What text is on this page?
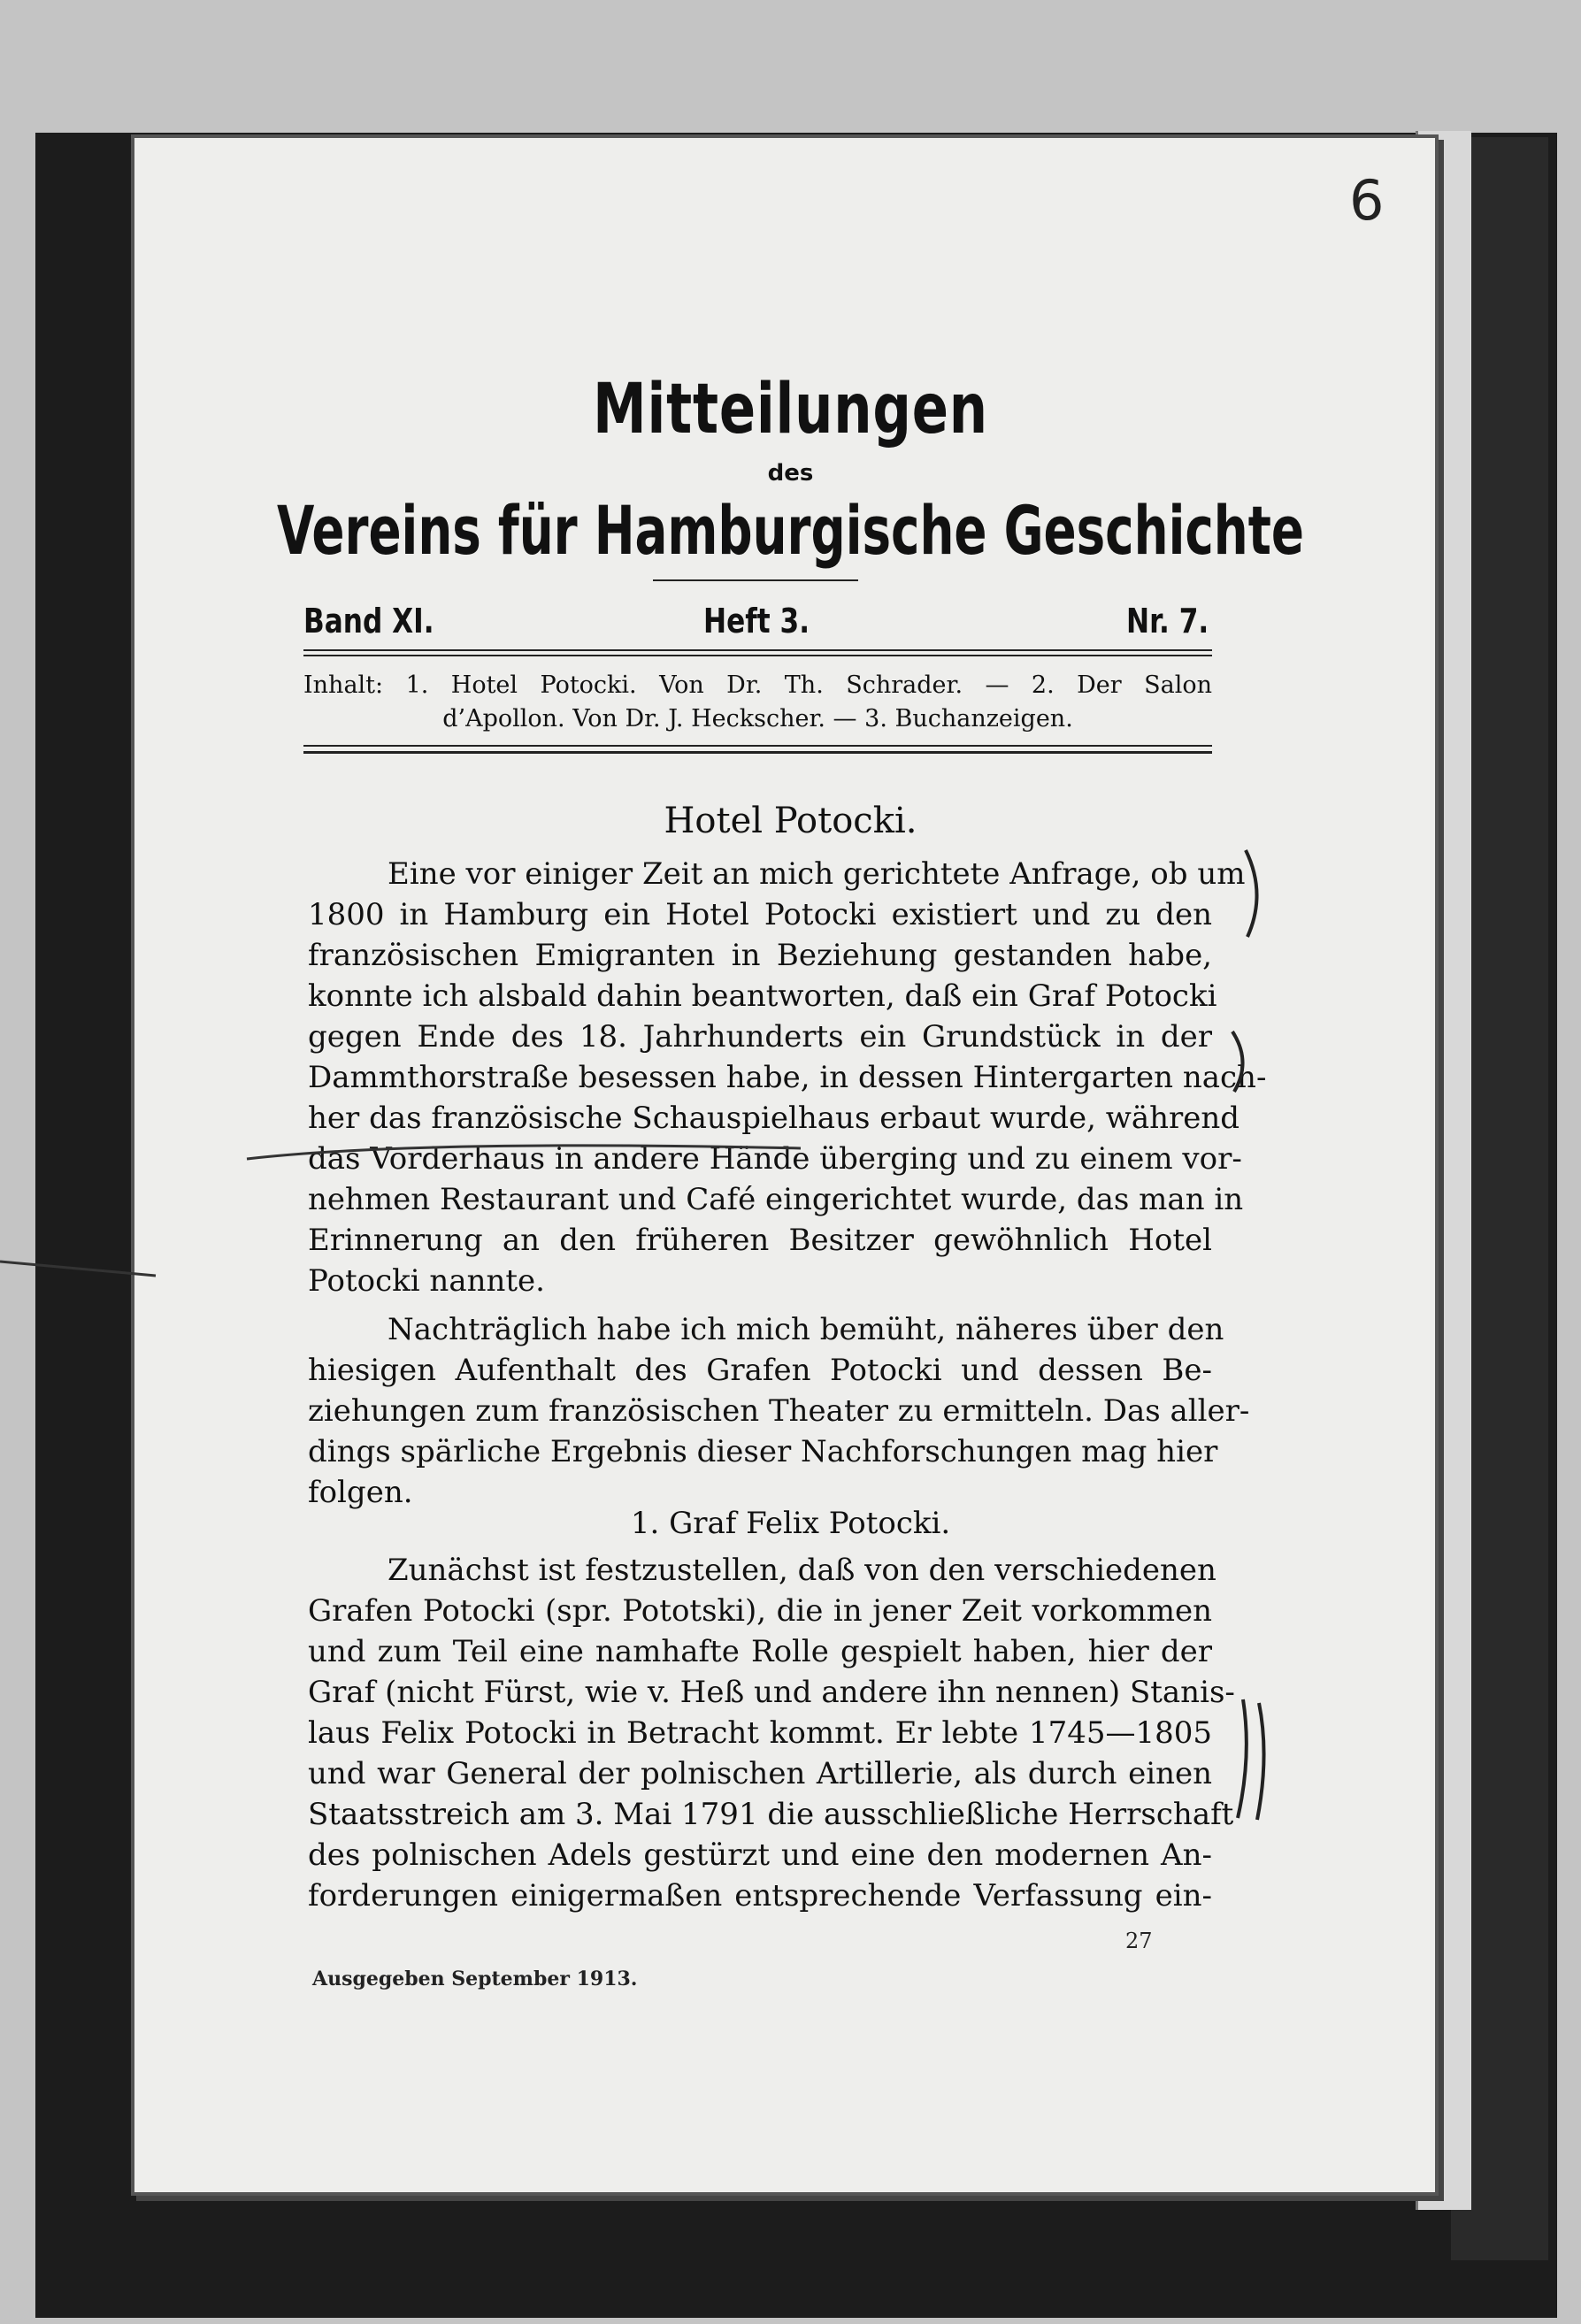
6
Mitteilungen
des
Vereins für Hamburgische Geschichte
Band XI.	Heft 3.	Nr. 7.
Inhalt: 1. Hotel Potocki. Von Dr. Th. Schrader. — 2. Der Salon
d’Apollon. Von Dr. J. Heckscher. — 3. Buchanzeigen.
Hotel Potocki.
Eine vor einiger Zeit an mich gerichtete Anfrage, ob um
1800 in Hamburg ein Hotel Potocki existiert und zu den
französischen Emigranten in Beziehung gestanden habe,
konnte ich alsbald dahin beantworten, daß ein Graf Potocki
gegen Ende des 18. Jahrhunderts ein Grundstück in der
Dammthorstraße besessen habe, in dessen Hintergarten nach-
her das französische Schauspielhaus erbaut wurde, während
das Vorderhaus in andere Hände überging und zu einem vor-
nehmen Restaurant und Café eingerichtet wurde, das man in
Erinnerung an den früheren Besitzer gewöhnlich Hotel
Potocki nannte.
Nachträglich habe ich mich bemüht, näheres über den
hiesigen Aufenthalt des Grafen Potocki und dessen Be-
ziehungen zum französischen Theater zu ermitteln. Das aller-
dings spärliche Ergebnis dieser Nachforschungen mag hier
folgen.
1. Graf Felix Potocki.
Zunächst ist festzustellen, daß von den verschiedenen
Grafen Potocki (spr. Pototski), die in jener Zeit vorkommen
und zum Teil eine namhafte Rolle gespielt haben, hier der
Graf (nicht Fürst, wie v. Heß und andere ihn nennen) Stanis-
laus Felix Potocki in Betracht kommt. Er lebte 1745—1805
und war General der polnischen Artillerie, als durch einen
Staatsstreich am 3. Mai 1791 die ausschließliche Herrschaft
des polnischen Adels gestürzt und eine den modernen An-
forderungen einigermaßen entsprechende Verfassung ein-
27
Ausgegeben September 1913.
